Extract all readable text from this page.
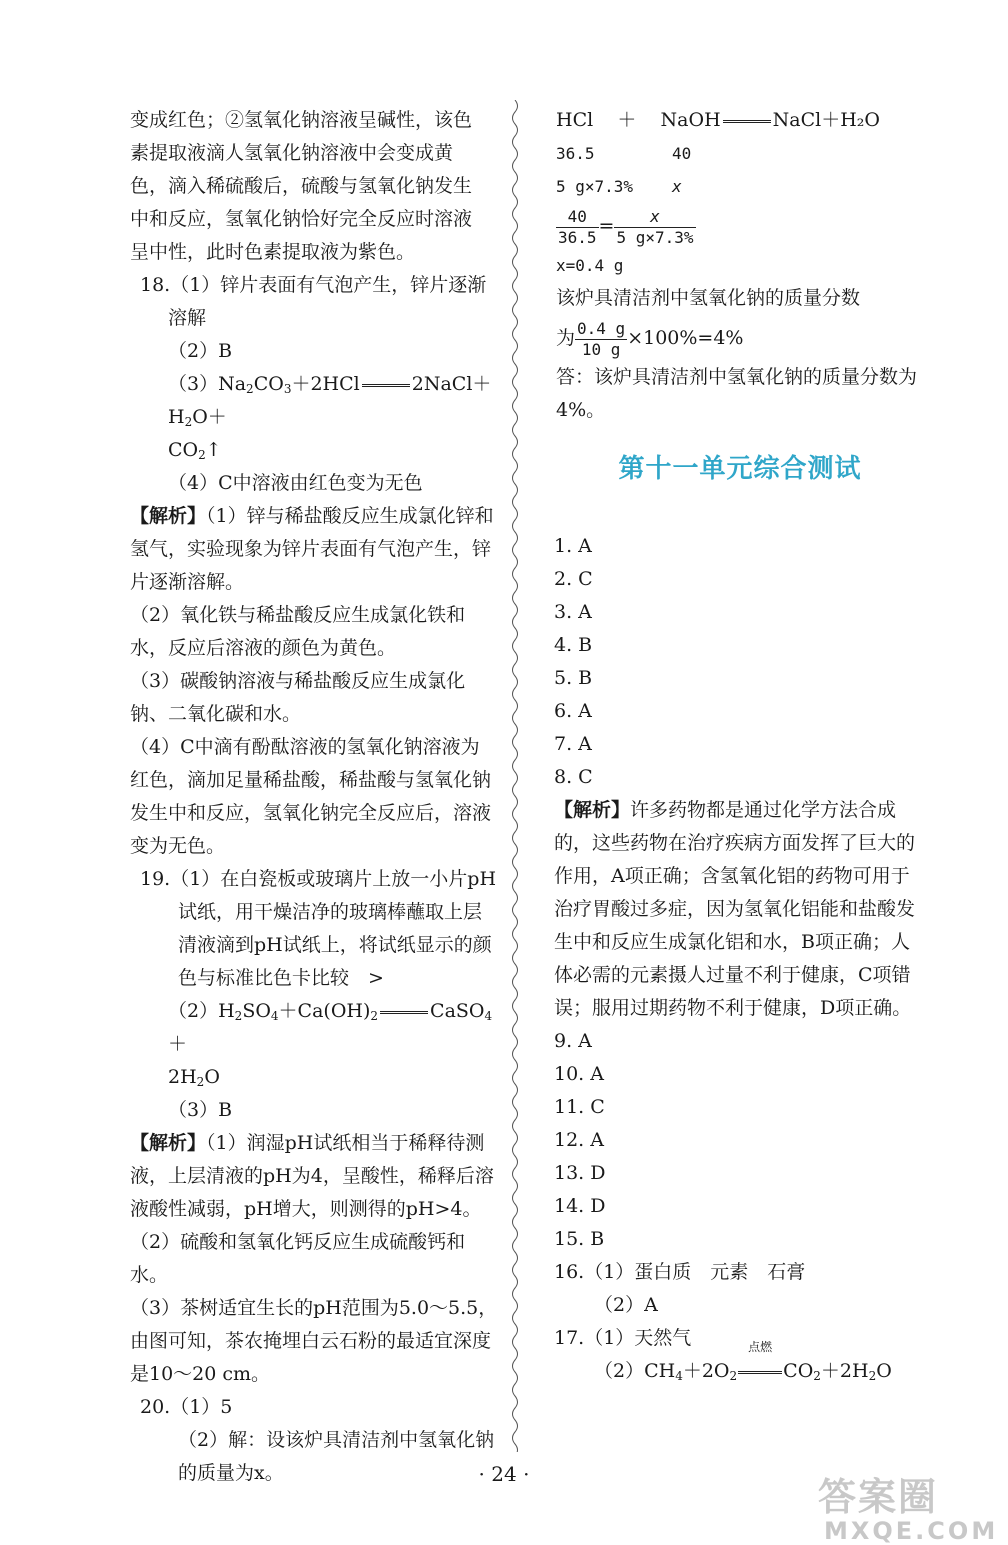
变成红色；②氢氧化钠溶液呈碱性，该色

素提取液滴人氢氧化钠溶液中会变成黄

色，滴入稀硫酸后，硫酸与氢氧化钠发生

中和反应，氢氧化钠恰好完全反应时溶液

呈中性，此时色素提取液为紫色。

18.（1）锌片表面有气泡产生，锌片逐渐

溶解

（2）B

$(3)Na_2CO_3+2HCl$	$2NaCl+H_2O+$

$CO_2↑$

（4）C中溶液由红色变为无色

【解析】（1）锌与稀盐酸反应生成氯化锌和氢气，实验现象为锌片表面有气泡产生，锌片逐渐溶解。

（2）氧化铁与稀盐酸反应生成氯化铁和水，反应后溶液的颜色为黄色。

（3）碳酸钠溶液与稀盐酸反应生成氯化钠、二氧化碳和水。

（4）C中滴有酚酞溶液的氢氧化钠溶液为红色，滴加足量稀盐酸，稀盐酸与氢氧化钠发生中和反应，氢氧化钠完全反应后，溶液变为无色。

19.（1）在白瓷板或玻璃片上放一小片pH试纸，用干燥洁净的玻璃棒蘸取上层清液滴到pH试纸上，将试纸显示的颜色与标准比色卡比较　>

$(2)H_2SO_4+Ca(OH)_2$	CaSO$_4$＋

$2H_2O$

（3）B

【解析】（1）润湿pH试纸相当于稀释待测液，上层清液的pH为4，呈酸性，稀释后溶液酸性减弱，pH增大，则测得的pH>4。

（2）硫酸和氢氧化钙反应生成硫酸钙和水。

（3）茶树适宜生长的pH范围为5.0～5.5，由图可知，茶农掩埋白云石粉的最适宜深度是10～20 cm。

20.（1）5

（2）解：设该炉具清洁剂中氢氧化钠的质量为x。

HCl ＋ NaOH	NaCl＋H₂O

36.5	40

5 g×7.3% x

$\frac{40}{36.5} = \frac{x}{5 g\times 7.3\%}$

x=0.4 g

该炉具清洁剂中氢氧化钠的质量分数

为 $\frac{0.4 g}{10 g} \times 100\%=4\%$

答：该炉具清洁剂中氢氧化钠的质量分数为4%。

第十一单元综合测试

1. A

2. C

3. A

4. B

5. B

6. A

7. A

8. C

【解析】许多药物都是通过化学方法合成的，这些药物在治疗疾病方面发挥了巨大的作用，A项正确；含氢氧化铝的药物可用于治疗胃酸过多症，因为氢氧化铝能和盐酸发生中和反应生成氯化铝和水，B项正确；人体必需的元素摄人过量不利于健康，C项错误；服用过期药物不利于健康，D项正确。

9. A

10. A

11. C

12. A

13. D

14. D

15. B

16.（1）蛋白质　元素　石膏

（2）A

17.（1）天然气

$(2)CH_4+2O_2$
点燃
$CO_2+2H_2O$

· 24 ·
答案圈
MXQE.COM
